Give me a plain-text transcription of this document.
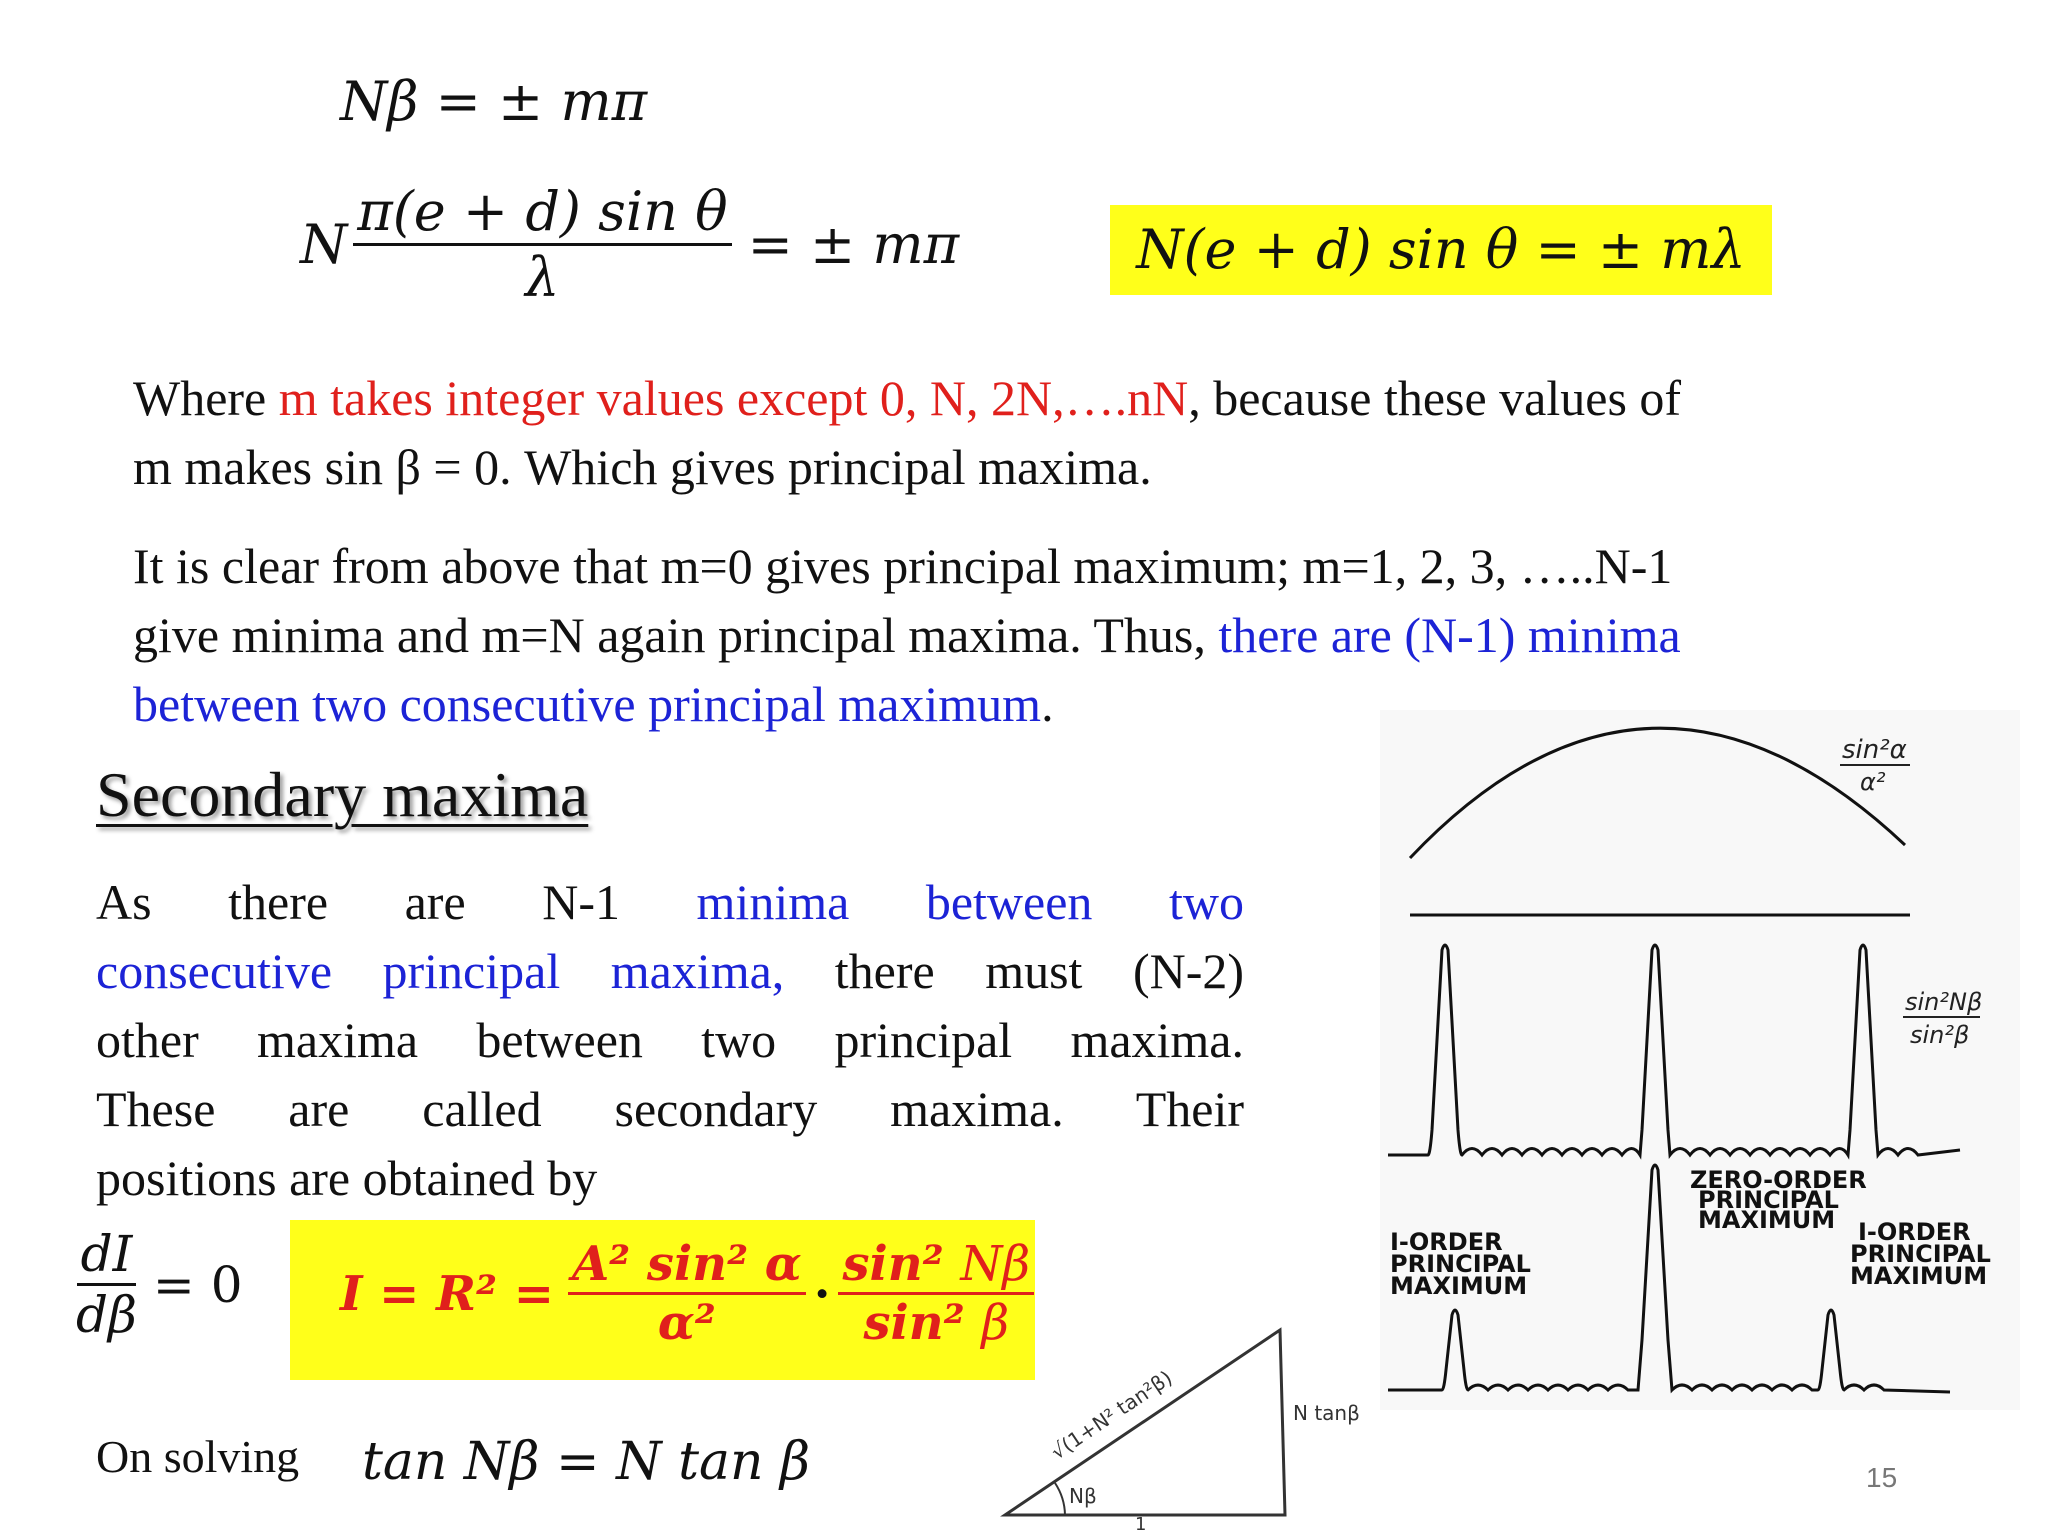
Nβ = ± mπ
N $\frac{\text{π(e + d) sin θ}}{\lambda}$ = ± mπ	N(e + d) sin θ = ± mλ
Where m takes integer values except 0, N, 2N,….nN, because these values of
m makes sin β = 0. Which gives principal maxima.
It is clear from above that m=0 gives principal maximum; m=1, 2, 3, …..N-1
give minima and m=N again principal maxima. Thus, there are (N-1) minima
between two consecutive principal maximum.
Secondary maxima
As there are N-1 minima between two
consecutive principal maxima, there must (N-2)
other maxima between two principal maxima.
These are called secondary maxima. Their
positions are obtained by
$\frac{dI}{d\beta} = 0$ $I = R^2 = \frac{\text{A² sin² α}}{\text{α²}} \cdot \frac{\text{sin² Nβ}}{\text{sin² β}}$
On solving tan Nβ = N tan β	√(1+N² tan²β)	N tanβ
1
Nβ
sin²α
α²
sin²Nβ
sin²β
ZERO-ORDER
PRINCIPAL
MAXIMUM
I-ORDER
PRINCIPAL
MAXIMUM
I-ORDER
PRINCIPAL
MAXIMUM
15
